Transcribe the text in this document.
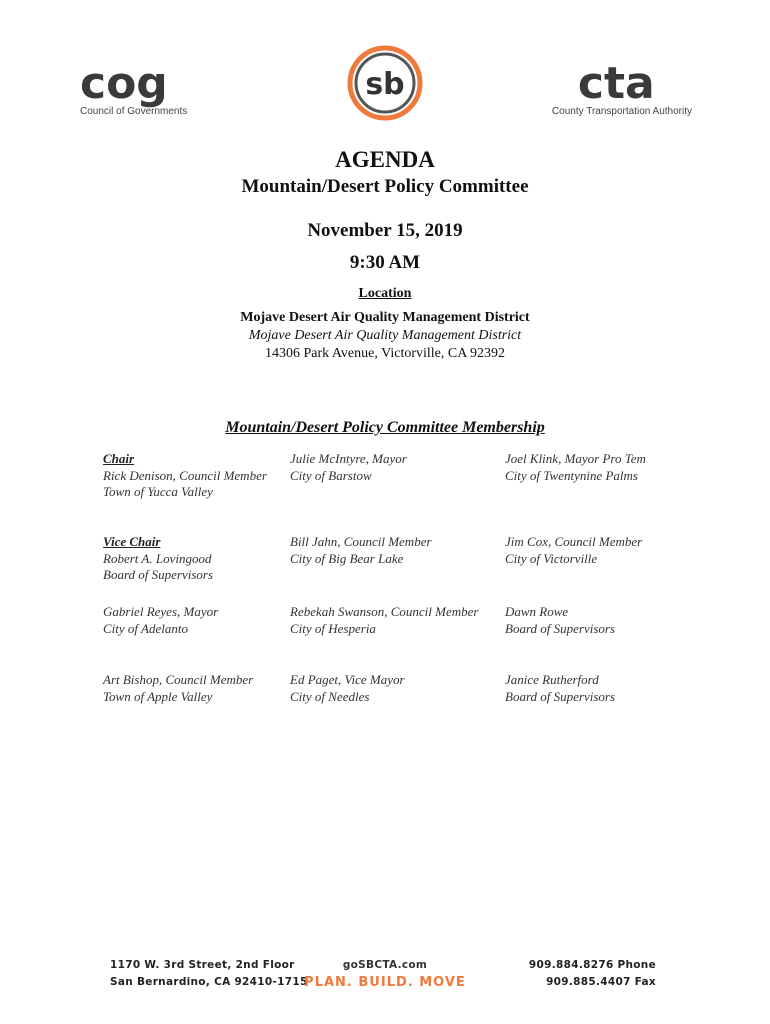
cog
Council of Governments
sb	cta
County Transportation Authority
AGENDA
Mountain/Desert Policy Committee
November 15, 2019
9:30 AM
Location
Mojave Desert Air Quality Management District
Mojave Desert Air Quality Management District
14306 Park Avenue, Victorville, CA 92392
Mountain/Desert Policy Committee Membership
Chair
Rick Denison, Council Member
Town of Yucca Valley
Julie McIntyre, Mayor
City of Barstow
Joel Klink, Mayor Pro Tem
City of Twentynine Palms
Vice Chair
Robert A. Lovingood
Board of Supervisors
Bill Jahn, Council Member
City of Big Bear Lake
Jim Cox, Council Member
City of Victorville
Gabriel Reyes, Mayor
City of Adelanto
Rebekah Swanson, Council Member
City of Hesperia
Dawn Rowe
Board of Supervisors
Art Bishop, Council Member
Town of Apple Valley
Ed Paget, Vice Mayor
City of Needles
Janice Rutherford
Board of Supervisors
1170 W. 3rd Street, 2nd Floor
San Bernardino, CA 92410-1715
goSBCTA.com
PLAN. BUILD. MOVE
909.884.8276 Phone
909.885.4407 Fax
